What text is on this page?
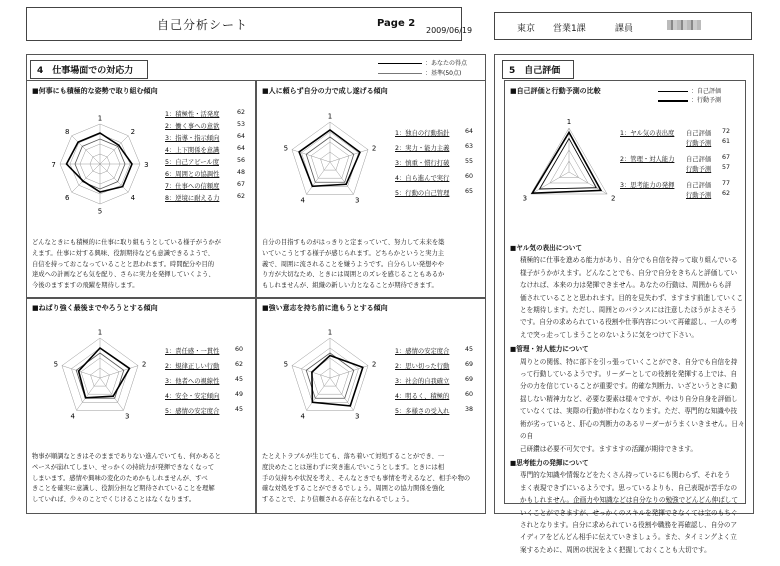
自己分析シート	Page 2
2009/06/19	東京 営業1課	課員
4　仕事場面での対応力
：あなたの得点
：基準(50点)
■何事にも積極的な姿勢で取り組む傾向
1
2
3
4
5
6
7
8
1：積極性・活発度	62
2：働く事への意欲	53
3：指導・指示傾向	64
4：上下関係を意識	64
5：自己アピール度	56
6：周囲との協調性	48
7：仕事への信頼度	67
8：逆境に耐える力	62
どんなときにも積極的に仕事に取り組もうとしている様子がうかが
えます。仕事に対する興味、役割期待なども意識できるようで、
自信を持っておこなっていることと思われます。時間配分や目的
達成への計画なども気を配り、さらに実力を発揮していくよう、
今後のますますの飛躍を期待します。
■人に頼らず自分の力で成し遂げる傾向
1
2
3
4
5
1：独自の行動指針 64
2：実力・能力主義 63
3：慎重・慣行打破 55
4：自ら進んで実行 60
5：行動の自己管理 65
自分の目指すものがはっきりと定まっていて、努力して未来を築
いていこうとする様子が感じられます。どちらかというと実力主
義で、周囲に流されることを嫌うようです。自分らしい発想やや
り方が大切なため、ときには周囲とのズレを感じることもあるか
もしれませんが、組織の新しい力となることが期待できます。
■ねばり強く最後までやろうとする傾向
1
2
3
4
5
1：責任感・一貫性 60
2：規律正しい行動 62
3：他者への視線性 45
4：安全・安定傾向 49
5：感情の安定度合 45
物事が順調なときはそのままでありない進んでいても、何かあると
ペースが崩れてしまい、せっかくの持続力が発揮できなくなって
しまいます。感情や興味の変化のためかもしれませんが、すべ
きことを確実に意識し、役割分担など期待されていることを理解
していれば、少々のことでくじけることはなくなります。
■強い意志を持ち前に進もうとする傾向
1
2
3
4
5
1：感情の安定度合 45
2：思い切った行動 69
3：社会的自我確立 69
4：明るく、積極的 60
5：多様さの受入れ 38
たとえトラブルが生じても、落ち着いて対処することができ、一
度決めたことは迷わずに突き進んでいこうとします。ときには相
手の気持ちや状況を考え、そんなときでも事情を考えるなど、相手や物の
確な対処をすることができるでしょう。周囲との協力関係を強化
することで、より信頼される存在となれるでしょう。
5　自己評価
■自己評価と行動予測の比較	：自己評価
：行動予測
1
2
3
1：ヤル気の表出度 自己評価 72
行動予測 61
2：管理・対人能力 自己評価 67
行動予測 57
3：思考能力の発揮 自己評価 77
行動予測 62
■ヤル気の表出について
積極的に仕事を進める能力があり、自分でも自信を持って取り組んでいる
様子がうかがえます。どんなことでも、自分で自分をきちんと評価してい
なければ、本来の力は発揮できません。あなたの行動は、周囲からも評
価されていることと思われます。目的を見失わず、ますます前進していくこ
とを期待します。ただし、周囲とのバランスには注意したほうがよさそう
です。自分の求められている役割や仕事内容について再確認し、一人の考
えで突っ走ってしまうことのないように気をつけて下さい。
■管理・対人能力について
周りとの関係、特に部下を引っ張っていくことができ、自分でも自信を持
って行動しているようです。リーダーとしての役割を発揮する上では、自
分の力を信じていることが重要です。的確な判断力、いざというときに動
揺しない精神力など、必要な要素は様々ですが、やはり自分自身を評価し
ていなくては、実際の行動が伴わなくなります。ただ、専門的な知識や技
術が劣っていると、肝心の判断力のあるリーダーがうまくいきません。日々の自
己研鑽は必要不可欠です。ますますの活躍が期待できます。
■思考能力の発揮について
専門的な知識や情報などをたくさん持っているにも関わらず、それをう
まく表現できずにいるようです。思っているよりも、自己表現が苦手なの
かもしれません。企画力や知識などは自分なりの勉強でどんどん伸ばして
いくことができますが、せっかくのスキルを発揮できなくては宝のもちぐ
されとなります。自分に求められている役割や職務を再確認し、自分のア
イディアをどんどん相手に伝えていきましょう。また、タイミングよく立
案するために、周囲の状況をよく把握しておくことも大切です。
